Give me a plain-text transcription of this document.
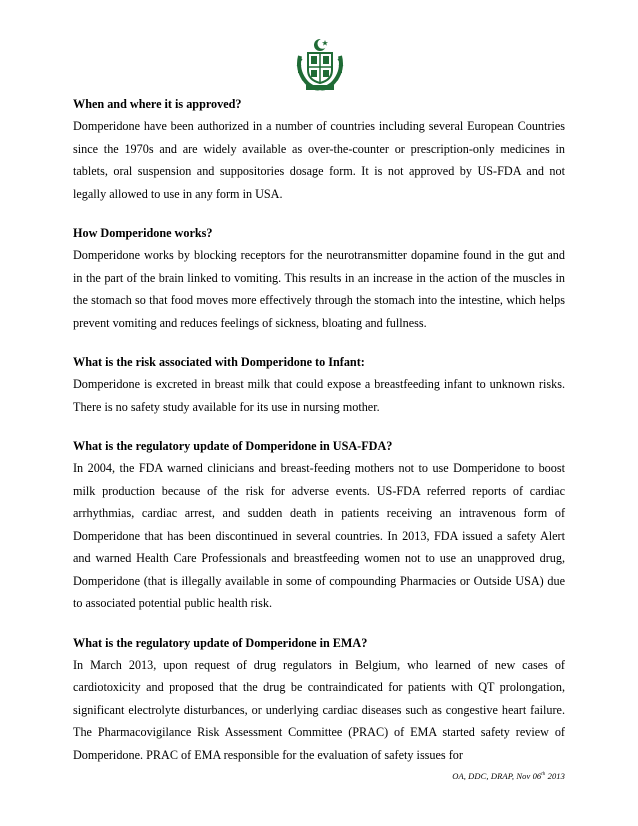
When and where it is approved?

Domperidone have been authorized in a number of countries including several European Countries since the 1970s and are widely available as over-the-counter or prescription-only medicines in tablets, oral suspension and suppositories dosage form. It is not approved by US-FDA and not legally allowed to use in any form in USA.

How Domperidone works?

Domperidone works by blocking receptors for the neurotransmitter dopamine found in the gut and in the part of the brain linked to vomiting. This results in an increase in the action of the muscles in the stomach so that food moves more effectively through the stomach into the intestine, which helps prevent vomiting and reduces feelings of sickness, bloating and fullness.

What is the risk associated with Domperidone to Infant:

Domperidone is excreted in breast milk that could expose a breastfeeding infant to unknown risks. There is no safety study available for its use in nursing mother.

What is the regulatory update of Domperidone in USA-FDA?

In 2004, the FDA warned clinicians and breast-feeding mothers not to use Domperidone to boost milk production because of the risk for adverse events. US-FDA referred reports of cardiac arrhythmias, cardiac arrest, and sudden death in patients receiving an intravenous form of Domperidone that has been discontinued in several countries. In 2013, FDA issued a safety Alert and warned Health Care Professionals and breastfeeding women not to use an unapproved drug, Domperidone (that is illegally available in some of compounding Pharmacies or Outside USA) due to associated potential public health risk.

What is the regulatory update of Domperidone in EMA?

In March 2013, upon request of drug regulators in Belgium, who learned of new cases of cardiotoxicity and proposed that the drug be contraindicated for patients with QT prolongation, significant electrolyte disturbances, or underlying cardiac diseases such as congestive heart failure. The Pharmacovigilance Risk Assessment Committee (PRAC) of EMA started safety review of Domperidone. PRAC of EMA responsible for the evaluation of safety issues for

OA, DDC, DRAP, Nov 06th 2013
